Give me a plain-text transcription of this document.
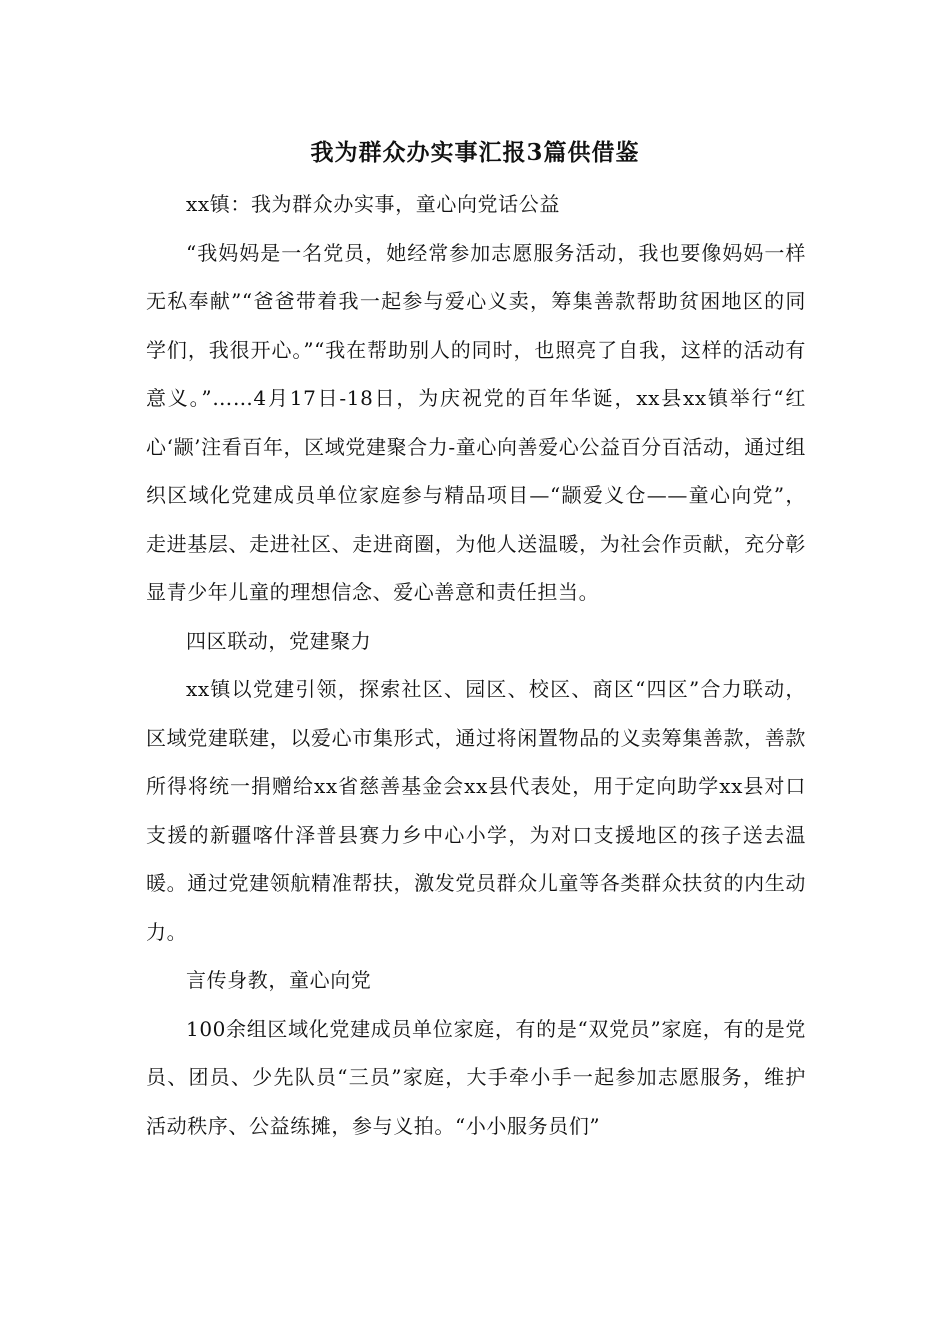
我为群众办实事汇报3篇供借鉴

xx镇：我为群众办实事，童心向党话公益

“我妈妈是一名党员，她经常参加志愿服务活动，我也要像妈妈一样无私奉献”“爸爸带着我一起参与爱心义卖，筹集善款帮助贫困地区的同学们，我很开心。”“我在帮助别人的同时，也照亮了自我，这样的活动有意义。”……4月17日-18日，为庆祝党的百年华诞，xx县xx镇举行“红心‘颛’注看百年，区域党建聚合力-童心向善爱心公益百分百活动，通过组织区域化党建成员单位家庭参与精品项目—“颛爱义仓——童心向党”，走进基层、走进社区、走进商圈，为他人送温暖，为社会作贡献，充分彰显青少年儿童的理想信念、爱心善意和责任担当。

四区联动，党建聚力

xx镇以党建引领，探索社区、园区、校区、商区“四区”合力联动，区域党建联建，以爱心市集形式，通过将闲置物品的义卖筹集善款，善款所得将统一捐赠给xx省慈善基金会xx县代表处，用于定向助学xx县对口支援的新疆喀什泽普县赛力乡中心小学，为对口支援地区的孩子送去温暖。通过党建领航精准帮扶，激发党员群众儿童等各类群众扶贫的内生动力。

言传身教，童心向党

100余组区域化党建成员单位家庭，有的是“双党员”家庭，有的是党员、团员、少先队员“三员”家庭，大手牵小手一起参加志愿服务，维护活动秩序、公益练摊，参与义拍。“小小服务员们”
